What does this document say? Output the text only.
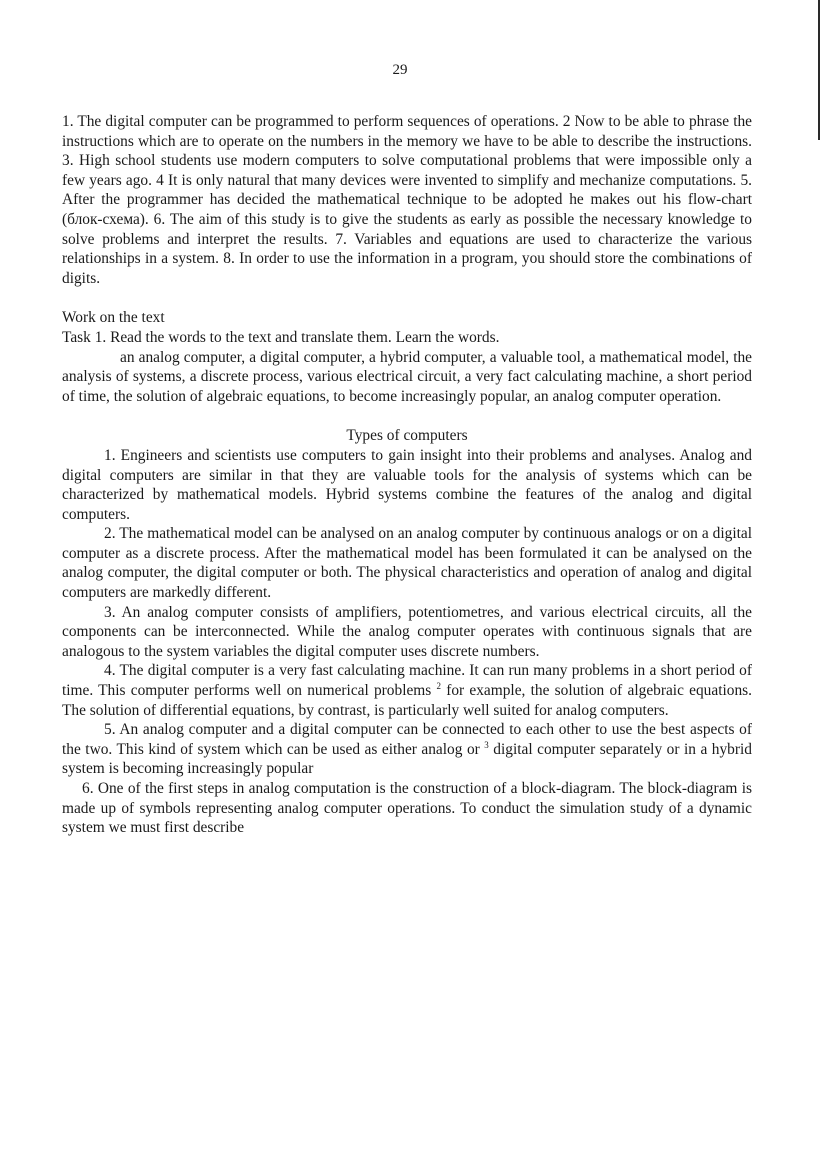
29

1. The digital computer can be programmed to perform sequences of operations. 2 Now to be able to phrase the instructions which are to operate on the numbers in the memory we have to be able to describe the instructions. 3. High school students use modern computers to solve computational problems that were impossible only a few years ago. 4 It is only natural that many devices were invented to simplify and mechanize computations. 5. After the programmer has decided the mathematical technique to be adopted he makes out his flow-chart (блок-схема). 6. The aim of this study is to give the students as early as possible the necessary knowledge to solve problems and interpret the results. 7. Variables and equations are used to characterize the various relationships in a system. 8. In order to use the information in a program, you should store the combinations of digits.

Work on the text

Task 1. Read the words to the text and translate them. Learn the words.

an analog computer, a digital computer, a hybrid computer, a valuable tool, a mathematical model, the analysis of systems, a discrete process, various electrical circuit, a very fact calculating machine, a short period of time, the solution of algebraic equations, to become increasingly popular, an analog computer operation.

Types of computers

1. Engineers and scientists use computers to gain insight into their problems and analyses. Analog and digital computers are similar in that they are valuable tools for the analysis of systems which can be characterized by mathematical models. Hybrid systems combine the features of the analog and digital computers.

2. The mathematical model can be analysed on an analog computer by continuous analogs or on a digital computer as a discrete process. After the mathematical model has been formulated it can be analysed on the analog computer, the digital computer or both. The physical characteristics and operation of analog and digital computers are markedly different.

3. An analog computer consists of amplifiers, potentiometres, and various electrical circuits, all the components can be interconnected. While the analog computer operates with continuous signals that are analogous to the system variables the digital computer uses discrete numbers.

4. The digital computer is a very fast calculating machine. It can run many problems in a short period of time. This computer performs well on numerical problems $^2$ for example, the solution of algebraic equations. The solution of differential equations, by contrast, is particularly well suited for analog computers.

5. An analog computer and a digital computer can be connected to each other to use the best aspects of the two. This kind of system which can be used as either analog or $^3$ digital computer separately or in a hybrid system is becoming increasingly popular

6. One of the first steps in analog computation is the construction of a block-diagram. The block-diagram is made up of symbols representing analog computer operations. To conduct the simulation study of a dynamic system we must first describe
